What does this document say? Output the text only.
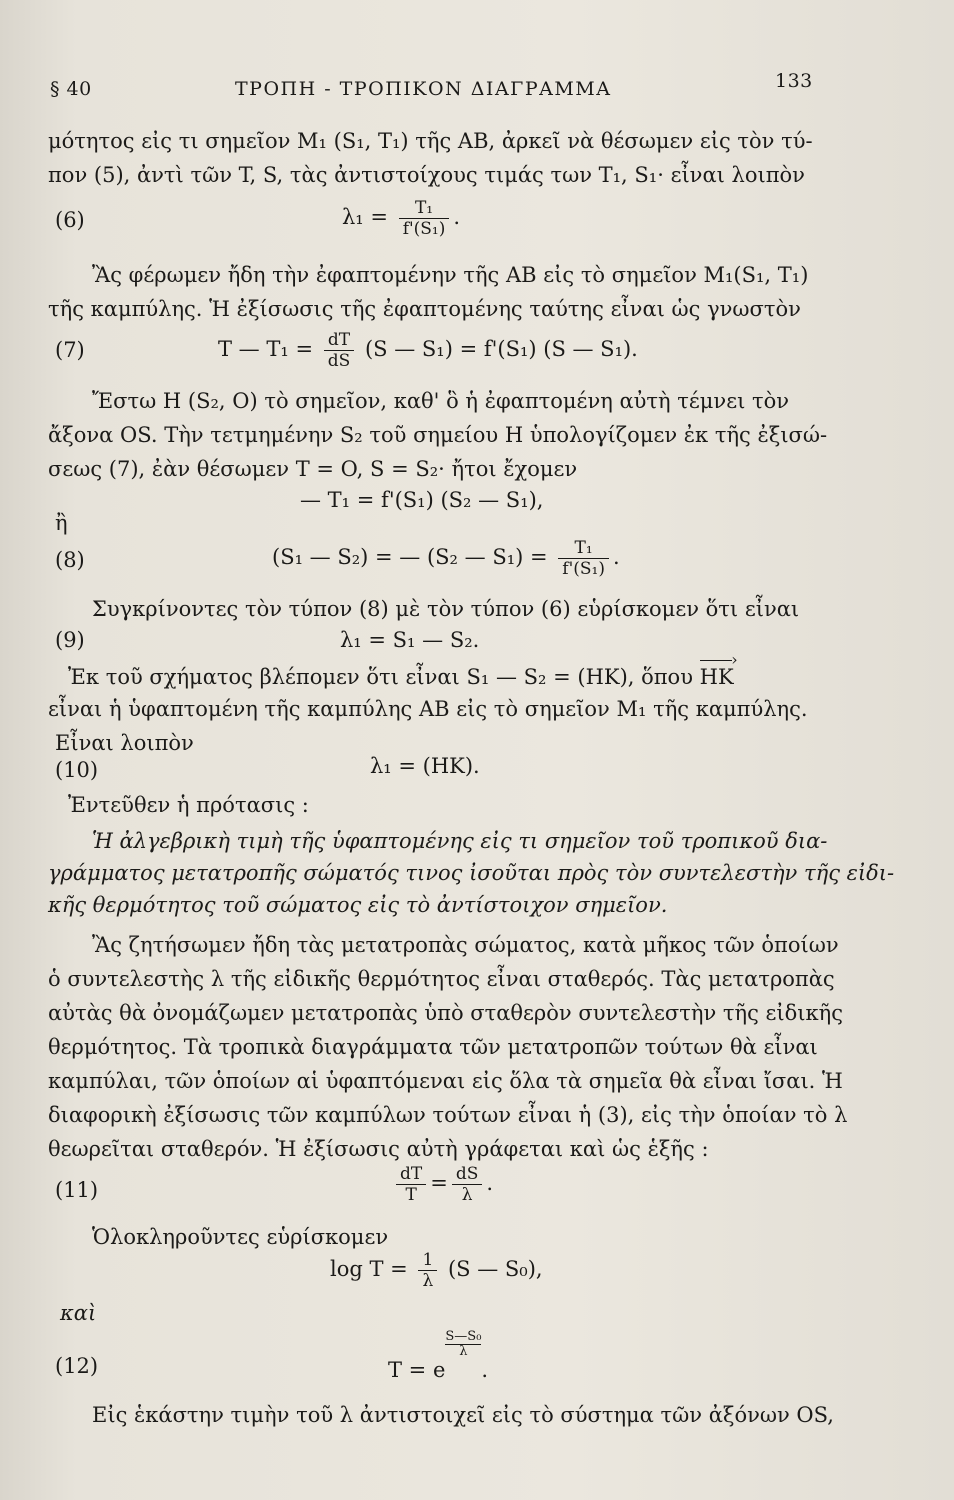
§ 40	ΤΡΟΠΗ - ΤΡΟΠΙΚΟΝ ΔΙΑΓΡΑΜΜΑ	133
μότητος εἰς τι σημεῖον M₁ (S₁, T₁) τῆς AB, ἀρκεῖ νὰ θέσωμεν εἰς τὸν τύ-
πον (5), ἀντὶ τῶν T, S, τὰς ἀντιστοίχους τιμάς των T₁, S₁· εἶναι λοιπὸν
(6)	$\lambda_1 = \frac{\text{T₁}}{\text{f'(S₁)}}$ .
Ἂς φέρωμεν ἤδη τὴν ἐφαπτομένην τῆς AB εἰς τὸ σημεῖον M₁(S₁, T₁)
τῆς καμπύλης. Ἡ ἐξίσωσις τῆς ἐφαπτομένης ταύτης εἶναι ὡς γνωστὸν
(7)	T — $T_1 = \frac{dT}{dS} (S$ — S₁) = f'(S₁) (S — S₁).
Ἔστω H (S₂, O) τὸ σημεῖον, καθ' ὃ ἡ ἐφαπτομένη αὐτὴ τέμνει τὸν
ἄξονα OS. Τὴν τετμημένην S₂ τοῦ σημείου H ὑπολογίζομεν ἐκ τῆς ἐξισώ-
σεως (7), ἐὰν θέσωμεν T = O, S = S₂· ἤτοι ἔχομεν
— T₁ = f'(S₁) (S₂ — S₁),
ἢ
(8)	(S₁ — S₂) = — (S₂ — $S_1) = \frac{\text{T₁}}{\text{f'(S₁)}}$ .
Συγκρίνοντες τὸν τύπον (8) μὲ τὸν τύπον (6) εὑρίσκομεν ὅτι εἶναι
(9)	λ₁ = S₁ — S₂.
Ἐκ τοῦ σχήματος βλέπομεν ὅτι εἶναι S₁ — S₂ = (HK), ὅπου HK ›
εἶναι ἡ ὑφαπτομένη τῆς καμπύλης AB εἰς τὸ σημεῖον M₁ τῆς καμπύλης.
Εἶναι λοιπὸν
(10)	λ₁ = (HK).
Ἐντεῦθεν ἡ πρότασις :
Ἡ ἀλγεβρικὴ τιμὴ τῆς ὑφαπτομένης εἰς τι σημεῖον τοῦ τροπικοῦ δια-
γράμματος μετατροπῆς σώματός τινος ἰσοῦται πρὸς τὸν συντελεστὴν τῆς εἰδι-
κῆς θερμότητος τοῦ σώματος εἰς τὸ ἀντίστοιχον σημεῖον.
Ἂς ζητήσωμεν ἤδη τὰς μετατροπὰς σώματος, κατὰ μῆκος τῶν ὁποίων
ὁ συντελεστὴς λ τῆς εἰδικῆς θερμότητος εἶναι σταθερός. Τὰς μετατροπὰς
αὐτὰς θὰ ὀνομάζωμεν μετατροπὰς ὑπὸ σταθερὸν συντελεστὴν τῆς εἰδικῆς
θερμότητος. Τὰ τροπικὰ διαγράμματα τῶν μετατροπῶν τούτων θὰ εἶναι
καμπύλαι, τῶν ὁποίων αἱ ὑφαπτόμεναι εἰς ὅλα τὰ σημεῖα θὰ εἶναι ἴσαι. Ἡ
διαφορικὴ ἐξίσωσις τῶν καμπύλων τούτων εἶναι ἡ (3), εἰς τὴν ὁποίαν τὸ λ
θεωρεῖται σταθερόν. Ἡ ἐξίσωσις αὐτὴ γράφεται καὶ ὡς ἑξῆς :
(11)	$\frac{dT}{T} = \frac{dS}{\lambda}$ .
Ὁλοκληροῦντες εὑρίσκομεν
$\log T = \frac{1}{\lambda} (S$ — S₀),
καὶ
(12)	T = e
$\frac{\text{S—S₀}}{\lambda}$
.
Εἰς ἑκάστην τιμὴν τοῦ λ ἀντιστοιχεῖ εἰς τὸ σύστημα τῶν ἀξόνων OS,
